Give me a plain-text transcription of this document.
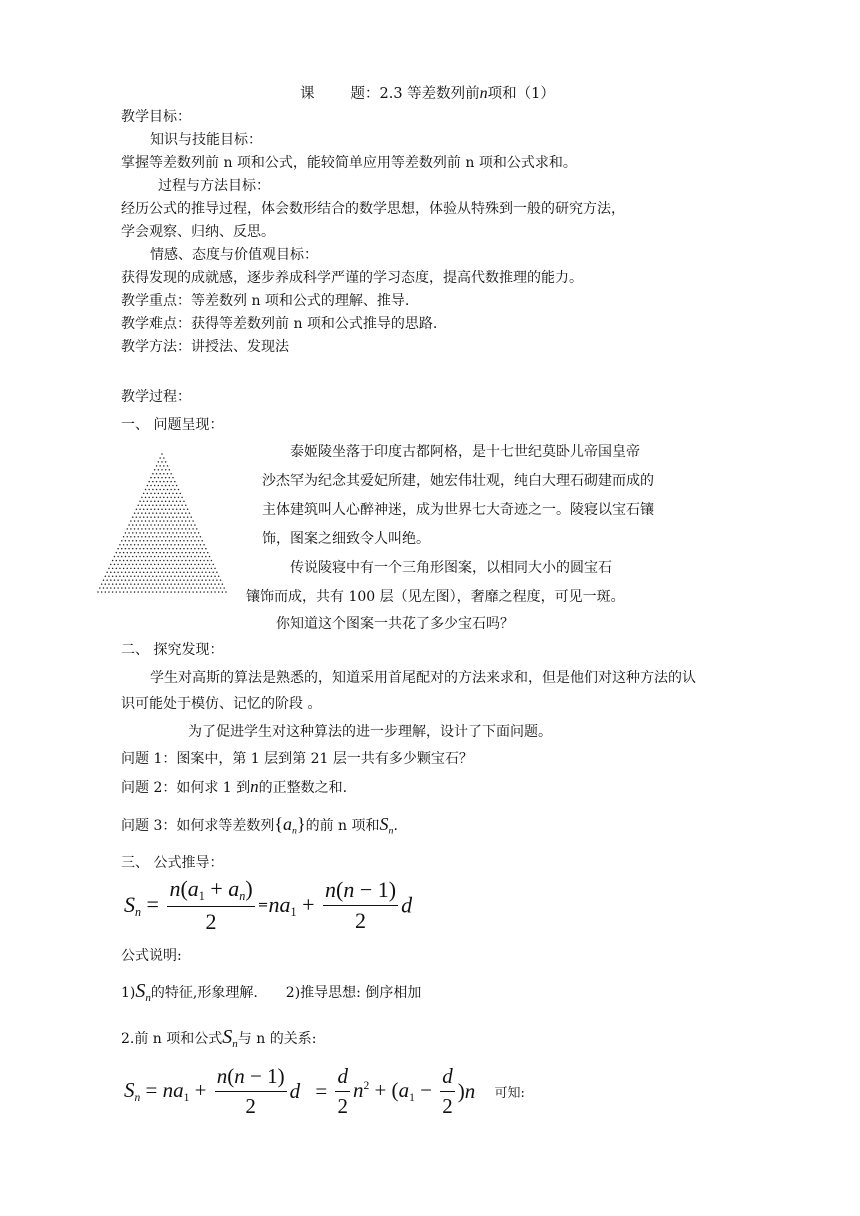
课 题：2.3 等差数列前n项和（1）
教学目标：
知识与技能目标：
掌握等差数列前 n 项和公式，能较简单应用等差数列前 n 项和公式求和。
过程与方法目标：
经历公式的推导过程，体会数形结合的数学思想，体验从特殊到一般的研究方法，
学会观察、归纳、反思。
情感、态度与价值观目标：
获得发现的成就感，逐步养成科学严谨的学习态度，提高代数推理的能力。
教学重点：等差数列 n 项和公式的理解、推导.
教学难点：获得等差数列前 n 项和公式推导的思路.
教学方法：讲授法、发现法
教学过程：
一、 问题呈现：
泰姬陵坐落于印度古都阿格，是十七世纪莫卧儿帝国皇帝
沙杰罕为纪念其爱妃所建，她宏伟壮观，纯白大理石砌建而成的
主体建筑叫人心醉神迷，成为世界七大奇迹之一。陵寝以宝石镶
饰，图案之细致令人叫绝。
传说陵寝中有一个三角形图案，以相同大小的圆宝石
镶饰而成，共有 100 层（见左图），奢靡之程度，可见一斑。
你知道这个图案一共花了多少宝石吗？
二、 探究发现：
学生对高斯的算法是熟悉的，知道采用首尾配对的方法来求和，但是他们对这种方法的认
识可能处于模仿、记忆的阶段 。
为了促进学生对这种算法的进一步理解，设计了下面问题。
问题 1：图案中，第 1 层到第 21 层一共有多少颗宝石？
问题 2：如何求 1 到n的正整数之和.
问题 3：如何求等差数列$\{a_n\}$的前 n 项和$S_n$.
三、 公式推导：
$S_n = \frac{n(a_1 + a_n)}{2} =na_1 + \frac{n(n - 1)}{2}$ d
公式说明:
$1)S_n$的特征,形象理解. 2)推导思想: 倒序相加
2.前 n 项和公式$S_n$与 n 的关系:
$S_n = na_1 + \frac{n(n - 1)}{2}$ $d = \frac{d}{2} n^2 + (a_1 - \frac{d}{2} )n$ 可知:
